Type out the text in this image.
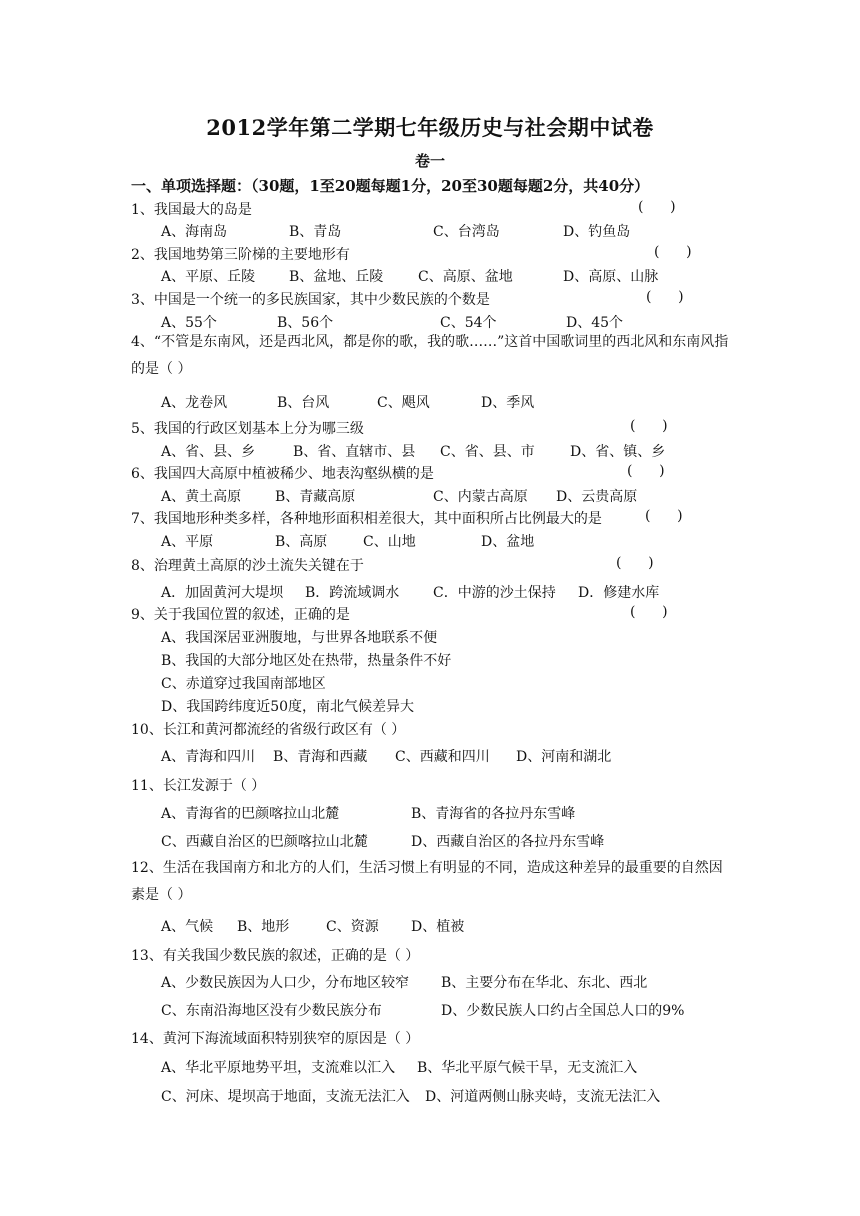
2012学年第二学期七年级历史与社会期中试卷
卷一
一、单项选择题：（30题，1至20题每题1分，20至30题每题2分，共40分）
1、我国最大的岛是	(      )
A、海南岛	B、青岛	C、台湾岛	D、钓鱼岛
2、我国地势第三阶梯的主要地形有	(      )
A、平原、丘陵 B、盆地、丘陵 C、高原、盆地	D、高原、山脉
3、中国是一个统一的多民族国家，其中少数民族的个数是	(      )
A、55个	B、56个	C、54个	D、45个
4、“不管是东南风，还是西北风，都是你的歌，我的歌……”这首中国歌词里的西北风和东南风指的是（ ）
A、龙卷风	B、台风	C、飓风	D、季风
5、我国的行政区划基本上分为哪三级	(      )
A、省、县、乡	B、省、直辖市、县 C、省、县、市	D、省、镇、乡
6、我国四大高原中植被稀少、地表沟壑纵横的是	(      )
A、黄土高原 B、青藏高原	C、内蒙古高原 D、云贵高原
7、我国地形种类多样，各种地形面积相差很大，其中面积所占比例最大的是	(      )
A、平原	B、高原	C、山地	D、盆地
8、治理黄土高原的沙土流失关键在于	(      )
A．加固黄河大堤坝 B．跨流域调水 C．中游的沙土保持 D．修建水库
9、关于我国位置的叙述，正确的是	(      )
A、我国深居亚洲腹地，与世界各地联系不便
B、我国的大部分地区处在热带，热量条件不好
C、赤道穿过我国南部地区
D、我国跨纬度近50度，南北气候差异大
10、长江和黄河都流经的省级行政区有（ ）
A、青海和四川 B、青海和西藏 C、西藏和四川 D、河南和湖北
11、长江发源于（ ）
A、青海省的巴颜喀拉山北麓	B、青海省的各拉丹东雪峰
C、西藏自治区的巴颜喀拉山北麓	D、西藏自治区的各拉丹东雪峰
12、生活在我国南方和北方的人们，生活习惯上有明显的不同，造成这种差异的最重要的自然因素是（ ）
A、气候 B、地形	C、资源 D、植被
13、有关我国少数民族的叙述，正确的是（ ）
A、少数民族因为人口少，分布地区较窄 B、主要分布在华北、东北、西北
C、东南沿海地区没有少数民族分布	D、少数民族人口约占全国总人口的9%
14、黄河下海流域面积特别狭窄的原因是（ ）
A、华北平原地势平坦，支流难以汇入 B、华北平原气候干旱，无支流汇入
C、河床、堤坝高于地面，支流无法汇入 D、河道两侧山脉夹峙，支流无法汇入
